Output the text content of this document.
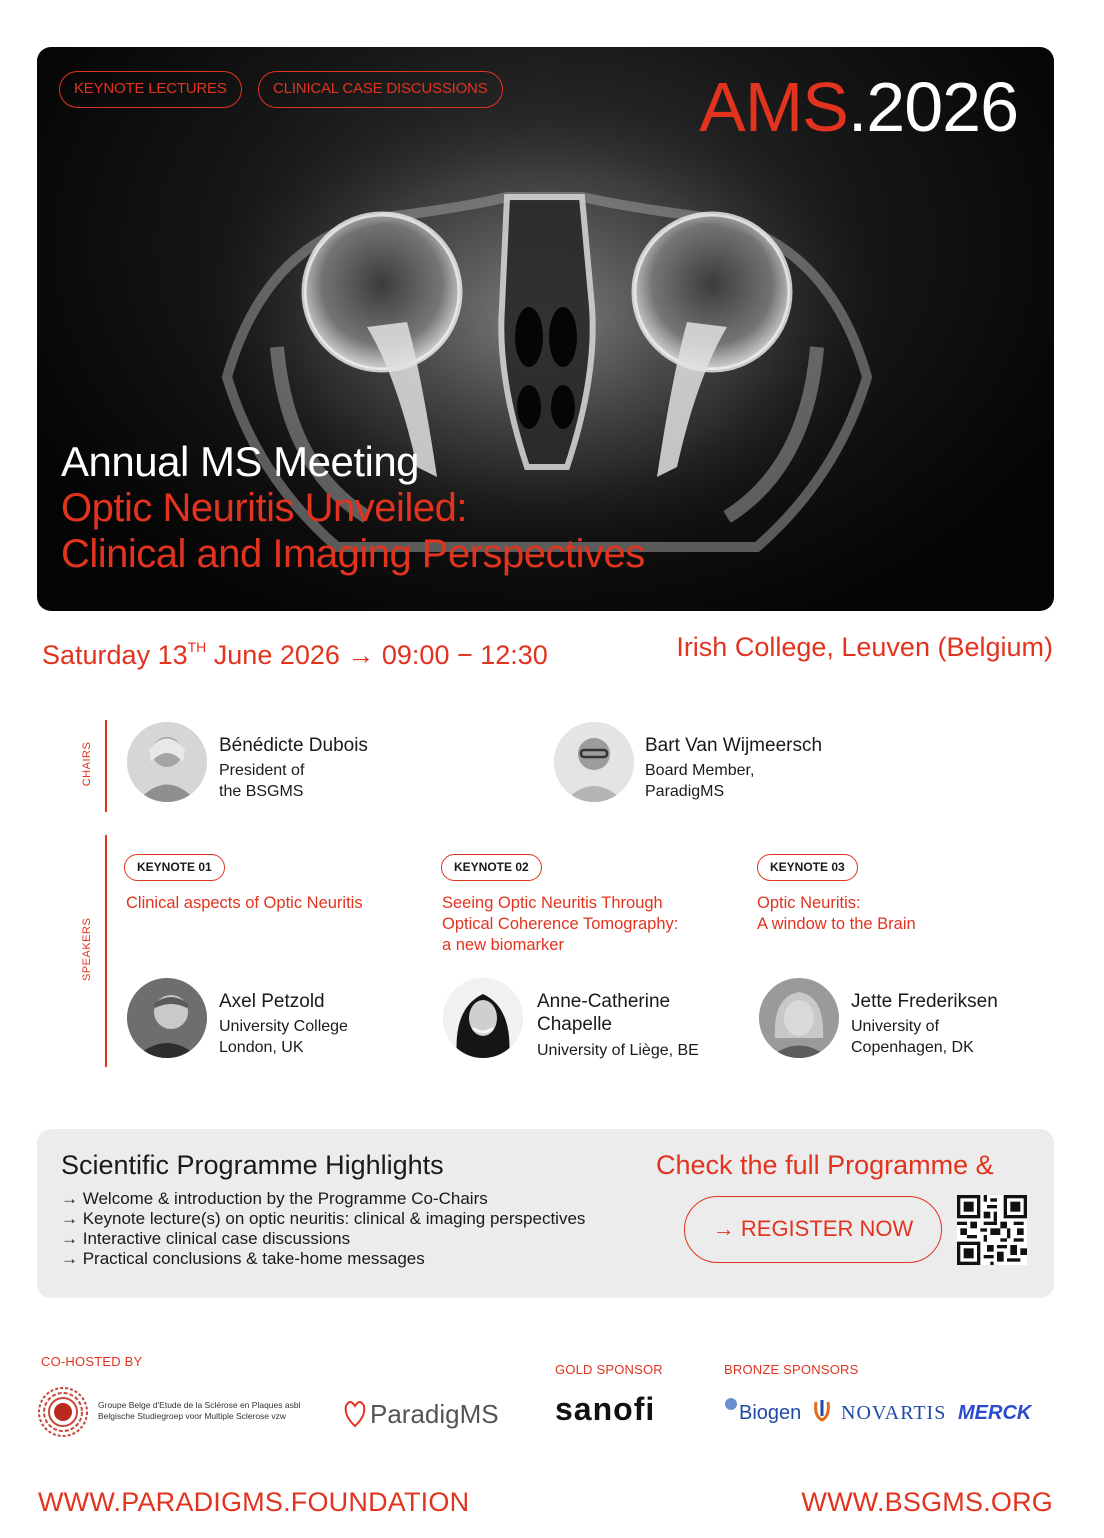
KEYNOTE LECTURES	CLINICAL CASE DISCUSSIONS	AMS.2026
Annual MS Meeting
Optic Neuritis Unveiled:
Clinical and Imaging Perspectives
Saturday 13TH June 2026 → 09:00 − 12:30	Irish College, Leuven (Belgium)
CHAIRS	Bénédicte Dubois
President of
the BSGMS
Bart Van Wijmeersch
Board Member,
ParadigMS
SPEAKERS
KEYNOTE 01
Clinical aspects of Optic Neuritis
Axel Petzold
University College
London, UK
KEYNOTE 02
Seeing Optic Neuritis Through
Optical Coherence Tomography:
a new biomarker
Anne-Catherine
Chapelle
University of Liège, BE
KEYNOTE 03
Optic Neuritis:
A window to the Brain
Jette Frederiksen
University of
Copenhagen, DK
Scientific Programme Highlights
→ Welcome & introduction by the Programme Co-Chairs
→ Keynote lecture(s) on optic neuritis: clinical & imaging perspectives
→ Interactive clinical case discussions
→ Practical conclusions & take-home messages
Check the full Programme &
→ REGISTER NOW
CO-HOSTED BY
Groupe Belge d'Etude de la Sclérose en Plaques asbl
Belgische Studiegroep voor Multiple Sclerose vzw	ParadigMS
GOLD SPONSOR
sanofi
BRONZE SPONSORS
Biogen NOVARTIS MERCK
WWW.PARADIGMS.FOUNDATION	WWW.BSGMS.ORG
